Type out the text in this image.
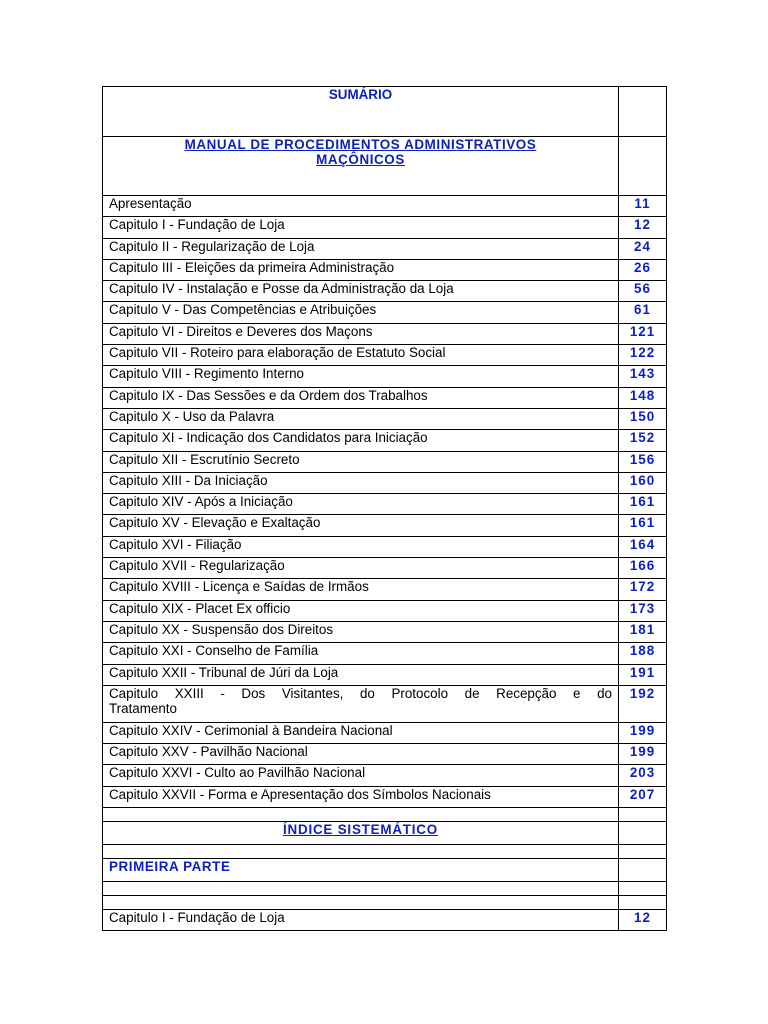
SUMÁRIO	
MANUAL DE PROCEDIMENTOS ADMINISTRATIVOS
MAÇÔNICOS	
Apresentação	11
Capitulo I - Fundação de Loja	12
Capitulo II - Regularização de Loja	24
Capitulo III - Eleições da primeira Administração	26
Capitulo IV - Instalação e Posse da Administração da Loja	56
Capitulo V - Das Competências e Atribuições	61
Capitulo VI - Direitos e Deveres dos Maçons	121
Capitulo VII - Roteiro para elaboração de Estatuto Social	122
Capitulo VIII - Regimento Interno	143
Capitulo IX - Das Sessões e da Ordem dos Trabalhos	148
Capitulo X - Uso da Palavra	150
Capitulo XI - Indicação dos Candidatos para Iniciação	152
Capitulo XII - Escrutínio Secreto	156
Capitulo XIII - Da Iniciação	160
Capitulo XIV - Após a Iniciação	161
Capitulo XV - Elevação e Exaltação	161
Capitulo XVI - Filiação	164
Capitulo XVII - Regularização	166
Capitulo XVIII - Licença e Saídas de Irmãos	172
Capitulo XIX - Placet Ex officio	173
Capitulo XX - Suspensão dos Direitos	181
Capitulo XXI - Conselho de Família	188
Capitulo XXII - Tribunal de Júri da Loja	191
Capitulo XXIII - Dos Visitantes, do Protocolo de Recepção e do
Tratamento	192
Capitulo XXIV - Cerimonial à Bandeira Nacional	199
Capitulo XXV - Pavilhão Nacional	199
Capitulo XXVI - Culto ao Pavilhão Nacional	203
Capitulo XXVII - Forma e Apresentação dos Símbolos Nacionais	207

ÍNDICE SISTEMÁTICO	

PRIMEIRA PARTE	

Capitulo I - Fundação de Loja	12
